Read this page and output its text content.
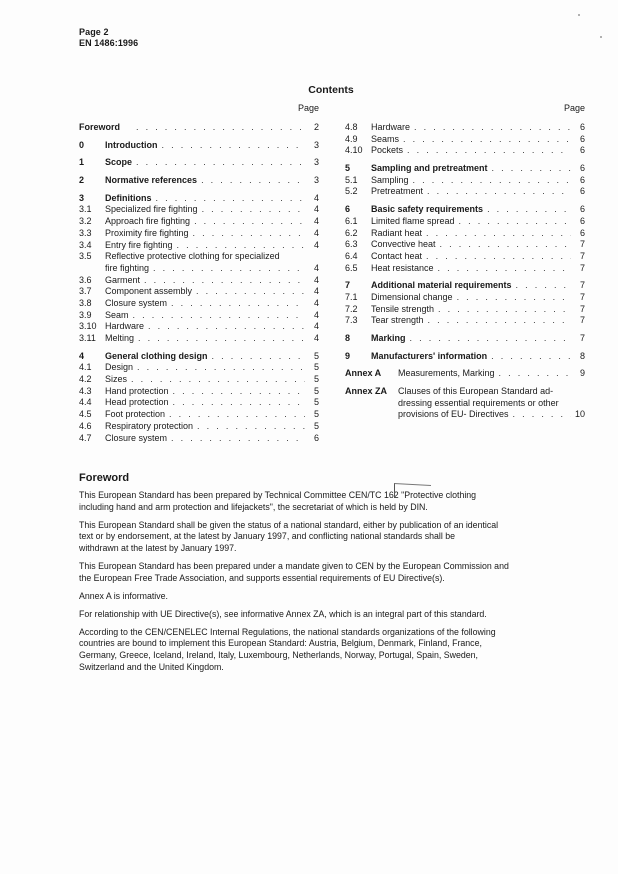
Page 2
EN 1486:1996
Contents
Page	Page
Foreword . . .	2
0	Introduction . . .	3
1	Scope . . .	3
2	Normative references . . .	3
3	Definitions . . .	4
3.1	Specialized fire fighting . . .	4
3.2	Approach fire fighting . . .	4
3.3	Proximity fire fighting . . .	4
3.4	Entry fire fighting . . .	4
3.5	Reflective protective clothing for specialized
fire fighting . . .	4
3.6	Garment . . .	4
3.7	Component assembly . . .	4
3.8	Closure system . . .	4
3.9	Seam . . .	4
3.10 Hardware . . .	4
3.11	Melting . . .	4
4	General clothing design . . .	5
4.1	Design . . .	5
4.2	Sizes . . .	5
4.3	Hand protection . . .	5
4.4	Head protection . . .	5
4.5	Foot protection . . .	5
4.6	Respiratory protection . . .	5
4.7	Closure system . . .	6
4.8	Hardware . . .	6
4.9	Seams . . .	6
4.10 Pockets . . .	6
5	Sampling and pretreatment . . .	6
5.1	Sampling . . .	6
5.2	Pretreatment . . .	6
6	Basic safety requirements . . .	6
6.1	Limited flame spread . . .	6
6.2	Radiant heat . . .	6
6.3	Convective heat . . .	7
6.4	Contact heat . . .	7
6.5	Heat resistance . . .	7
7	Additional material requirements . . .	7
7.1	Dimensional change . . .	7
7.2	Tensile strength . . .	7
7.3	Tear strength . . .	7
8	Marking . . .	7
9	Manufacturers' information . . .	8
Annex A	Measurements, Marking . . .	9
Annex ZA	Clauses of this European Standard ad-
dressing essential requirements or other
provisions of EU- Directives . . .	10
Foreword

This European Standard has been prepared by Technical Committee CEN/TC 162 "Protective clothing
including hand and arm protection and lifejackets", the secretariat of which is held by DIN.

This European Standard shall be given the status of a national standard, either by publication of an identical
text or by endorsement, at the latest by January 1997, and conflicting national standards shall be
withdrawn at the latest by January 1997.

This European Standard has been prepared under a mandate given to CEN by the European Commission and
the European Free Trade Association, and supports essential requirements of EU Directive(s).

Annex A is informative.

For relationship with UE Directive(s), see informative Annex ZA, which is an integral part of this standard.

According to the CEN/CENELEC Internal Regulations, the national standards organizations of the following
countries are bound to implement this European Standard: Austria, Belgium, Denmark, Finland, France,
Germany, Greece, Iceland, Ireland, Italy, Luxembourg, Netherlands, Norway, Portugal, Spain, Sweden,
Switzerland and the United Kingdom.
